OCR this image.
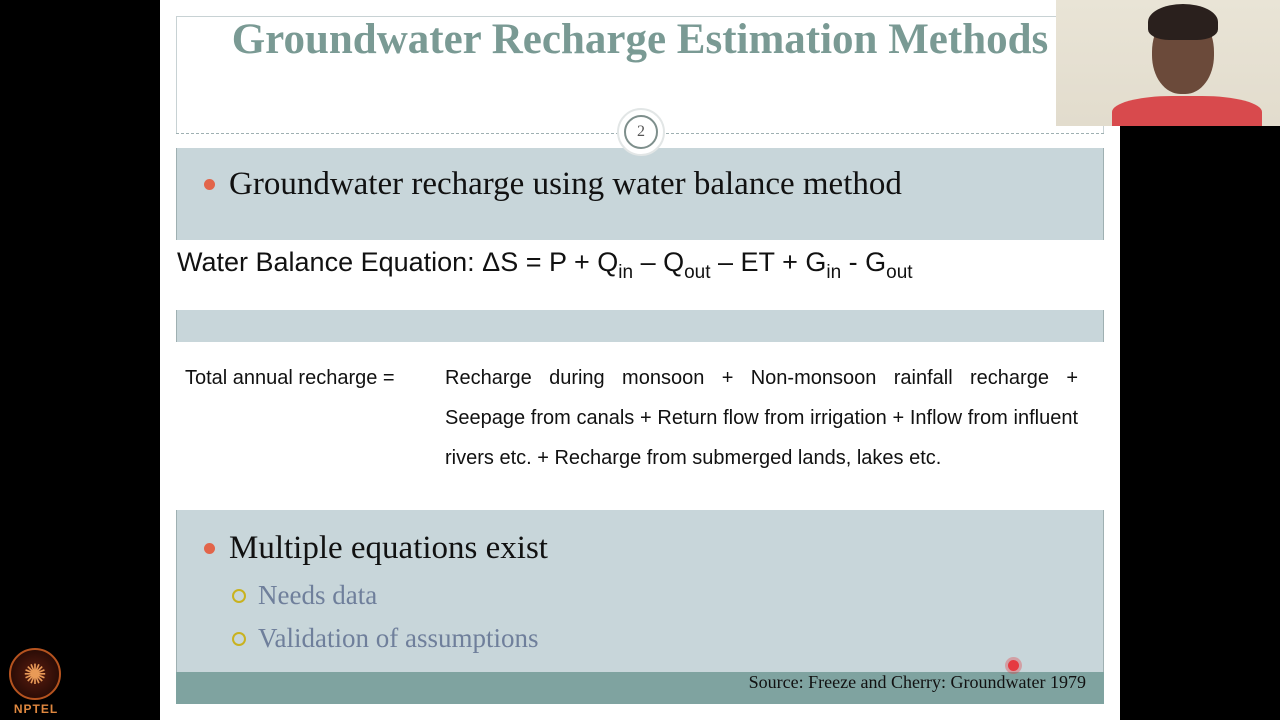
Groundwater Recharge Estimation Methods
2
Groundwater recharge using water balance method
Water Balance Equation: $\Delta S = P + Q_{in} - Q_{out}$ – ET + $G_{in} - G_{out}$
Total annual recharge =	Recharge during monsoon + Non-monsoon rainfall recharge + Seepage from canals + Return flow from irrigation + Inflow from influent rivers etc. + Recharge from submerged lands, lakes etc.
Multiple equations exist
Needs data
Validation of assumptions
Source: Freeze and Cherry: Groundwater 1979
✺
NPTEL
